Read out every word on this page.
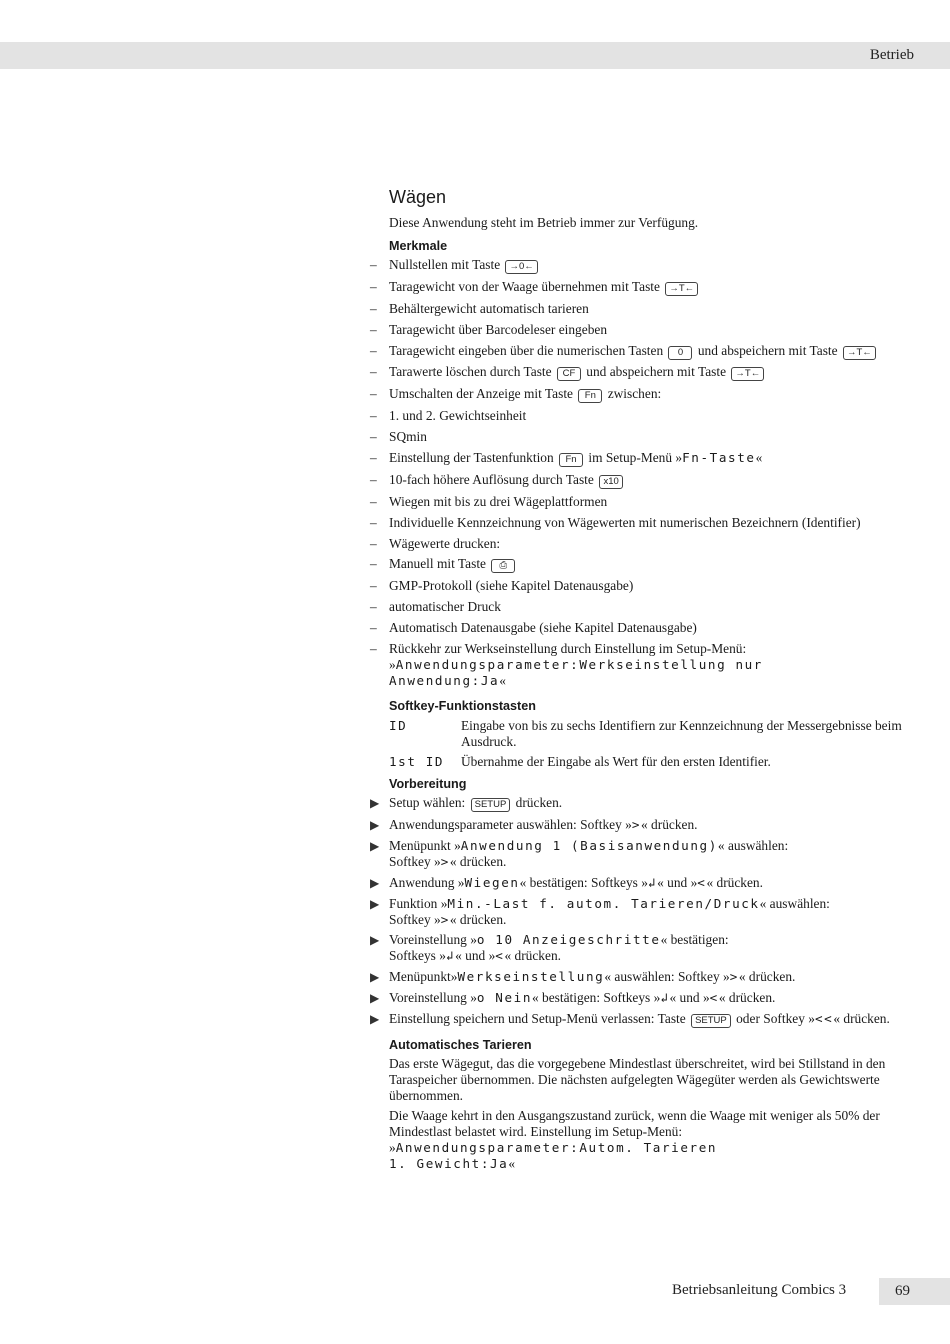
Betrieb
Wägen

Diese Anwendung steht im Betrieb immer zur Verfügung.

Merkmale
– Nullstellen mit Taste →0←
– Taragewicht von der Waage übernehmen mit Taste →T←
– Behältergewicht automatisch tarieren
– Taragewicht über Barcodeleser eingeben
– Taragewicht eingeben über die numerischen Tasten 0 und abspeichern mit Taste →T←
– Tarawerte löschen durch Taste CF und abspeichern mit Taste →T←
– Umschalten der Anzeige mit Taste Fn zwischen:
– 1. und 2. Gewichtseinheit
– SQmin
– Einstellung der Tastenfunktion Fn im Setup-Menü »Fn-Taste«
– 10-fach höhere Auflösung durch Taste x10
– Wiegen mit bis zu drei Wägeplattformen
– Individuelle Kennzeichnung von Wägewerten mit numerischen Bezeichnern (Identifier)
– Wägewerte drucken:
– Manuell mit Taste ⎙
– GMP-Protokoll (siehe Kapitel Datenausgabe)
– automatischer Druck
– Automatisch Datenausgabe (siehe Kapitel Datenausgabe)
– Rückkehr zur Werkseinstellung durch Einstellung im Setup-Menü:
»Anwendungsparameter:Werkseinstellung nur
Anwendung:Ja«
Softkey-Funktionstasten
ID	Eingabe von bis zu sechs Identifiern zur Kennzeichnung der Messergebnisse beim Ausdruck.
1st ID	Übernahme der Eingabe als Wert für den ersten Identifier.
Vorbereitung
▶ Setup wählen: SETUP drücken.
▶ Anwendungsparameter auswählen: Softkey »>« drücken.
▶ Menüpunkt »Anwendung 1 (Basisanwendung)« auswählen:
Softkey »>« drücken.
▶ Anwendung »Wiegen« bestätigen: Softkeys »↲« und »<« drücken.
▶ Funktion »Min.-Last f. autom. Tarieren/Druck« auswählen:
Softkey »>« drücken.
▶ Voreinstellung »o 10 Anzeigeschritte« bestätigen:
Softkeys »↲« und »<« drücken.
▶ Menüpunkt»Werkseinstellung« auswählen: Softkey »>« drücken.
▶ Voreinstellung »o Nein« bestätigen: Softkeys »↲« und »<« drücken.
▶ Einstellung speichern und Setup-Menü verlassen: Taste SETUP oder Softkey »<<« drücken.
Automatisches Tarieren

Das erste Wägegut, das die vorgegebene Mindestlast überschreitet, wird bei Stillstand in den Taraspeicher übernommen. Die nächsten aufgelegten Wägegüter werden als Gewichtswerte übernommen.

Die Waage kehrt in den Ausgangszustand zurück, wenn die Waage mit weniger als 50% der Mindestlast belastet wird. Einstellung im Setup-Menü:
»Anwendungsparameter:Autom. Tarieren
1. Gewicht:Ja«

Betriebsanleitung Combics 3	69
